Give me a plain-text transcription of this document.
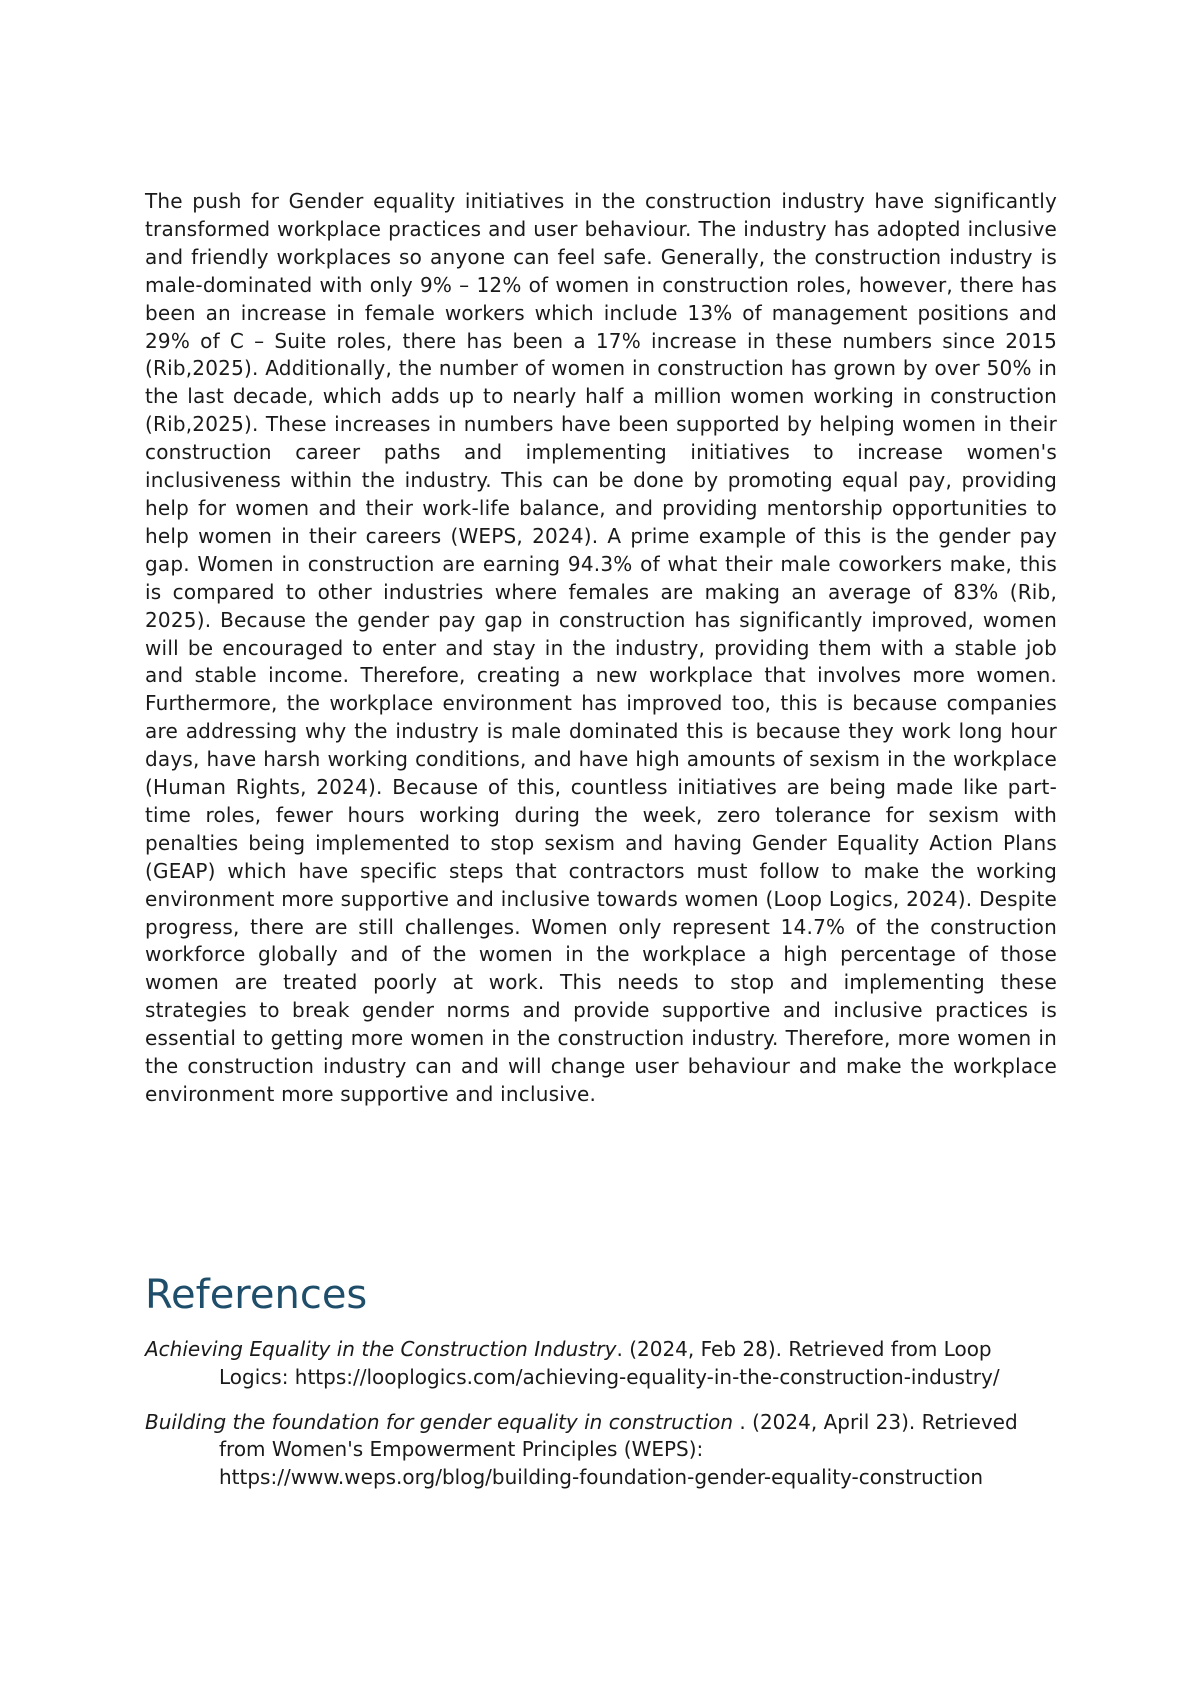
The push for Gender equality initiatives in the construction industry have significantly transformed workplace practices and user behaviour. The industry has adopted inclusive and friendly workplaces so anyone can feel safe. Generally, the construction industry is male-dominated with only 9% – 12% of women in construction roles, however, there has been an increase in female workers which include 13% of management positions and 29% of C – Suite roles, there has been a 17% increase in these numbers since 2015 (Rib,2025). Additionally, the number of women in construction has grown by over 50% in the last decade, which adds up to nearly half a million women working in construction (Rib,2025). These increases in numbers have been supported by helping women in their construction career paths and implementing initiatives to increase women's inclusiveness within the industry. This can be done by promoting equal pay, providing help for women and their work-life balance, and providing mentorship opportunities to help women in their careers (WEPS, 2024). A prime example of this is the gender pay gap. Women in construction are earning 94.3% of what their male coworkers make, this is compared to other industries where females are making an average of 83% (Rib, 2025). Because the gender pay gap in construction has significantly improved, women will be encouraged to enter and stay in the industry, providing them with a stable job and stable income. Therefore, creating a new workplace that involves more women. Furthermore, the workplace environment has improved too, this is because companies are addressing why the industry is male dominated this is because they work long hour days, have harsh working conditions, and have high amounts of sexism in the workplace (Human Rights, 2024). Because of this, countless initiatives are being made like part-time roles, fewer hours working during the week, zero tolerance for sexism with penalties being implemented to stop sexism and having Gender Equality Action Plans (GEAP) which have specific steps that contractors must follow to make the working environment more supportive and inclusive towards women (Loop Logics, 2024). Despite progress, there are still challenges. Women only represent 14.7% of the construction workforce globally and of the women in the workplace a high percentage of those women are treated poorly at work. This needs to stop and implementing these strategies to break gender norms and provide supportive and inclusive practices is essential to getting more women in the construction industry. Therefore, more women in the construction industry can and will change user behaviour and make the workplace environment more supportive and inclusive.

References
Achieving Equality in the Construction Industry. (2024, Feb 28). Retrieved from Loop Logics: https://looplogics.com/achieving-equality-in-the-construction-industry/
Building the foundation for gender equality in construction . (2024, April 23). Retrieved from Women's Empowerment Principles (WEPS): https://www.weps.org/blog/building-foundation-gender-equality-construction
